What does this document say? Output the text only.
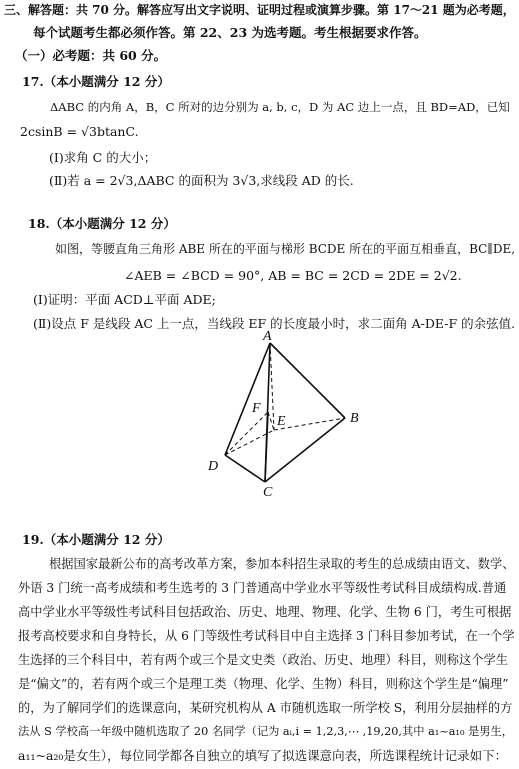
三、解答题：共 70 分。解答应写出文字说明、证明过程或演算步骤。第 17～21 题为必考题，
每个试题考生都必须作答。第 22、23 为选考题。考生根据要求作答。
（一）必考题：共 60 分。
17.（本小题满分 12 分）
ΔABC 的内角 A，B，C 所对的边分别为 a, b, c，D 为 AC 边上一点，且 BD=AD，已知
2csinB = √3btanC.
(Ⅰ)求角 C 的大小；
(Ⅱ)若 a = 2√3,ΔABC 的面积为 3√3,求线段 AD 的长.
18.（本小题满分 12 分）
如图，等腰直角三角形 ABE 所在的平面与梯形 BCDE 所在的平面互相垂直，BC∥DE,
∠AEB = ∠BCD = 90°, AB = BC = 2CD = 2DE = 2√2.
(Ⅰ)证明：平面 ACD⊥平面 ADE;
(Ⅱ)设点 F 是线段 AC 上一点，当线段 EF 的长度最小时，求二面角 A-DE-F 的余弦值.
A
B
C
D
E
F
19.（本小题满分 12 分）
根据国家最新公布的高考改革方案，参加本科招生录取的考生的总成绩由语文、数学、
外语 3 门统一高考成绩和考生选考的 3 门普通高中学业水平等级性考试科目成绩构成.普通
高中学业水平等级性考试科目包括政治、历史、地理、物理、化学、生物 6 门，考生可根据
报考高校要求和自身特长，从 6 门等级性考试科目中自主选择 3 门科目参加考试，在一个学
生选择的三个科目中，若有两个或三个是文史类（政治、历史、地理）科目，则称这个学生
是“偏文”的，若有两个或三个是理工类（物理、化学、生物）科目，则称这个学生是“偏理”
的，为了解同学们的选课意向，某研究机构从 A 市随机选取一所学校 S，利用分层抽样的方
法从 S 学校高一年级中随机选取了 20 名同学（记为 aᵢ,i = 1,2,3,⋯ ,19,20,其中 a₁~a₁₀ 是男生，
a₁₁~a₂₀是女生），每位同学都各自独立的填写了拟选课意向表，所选课程统计记录如下：
